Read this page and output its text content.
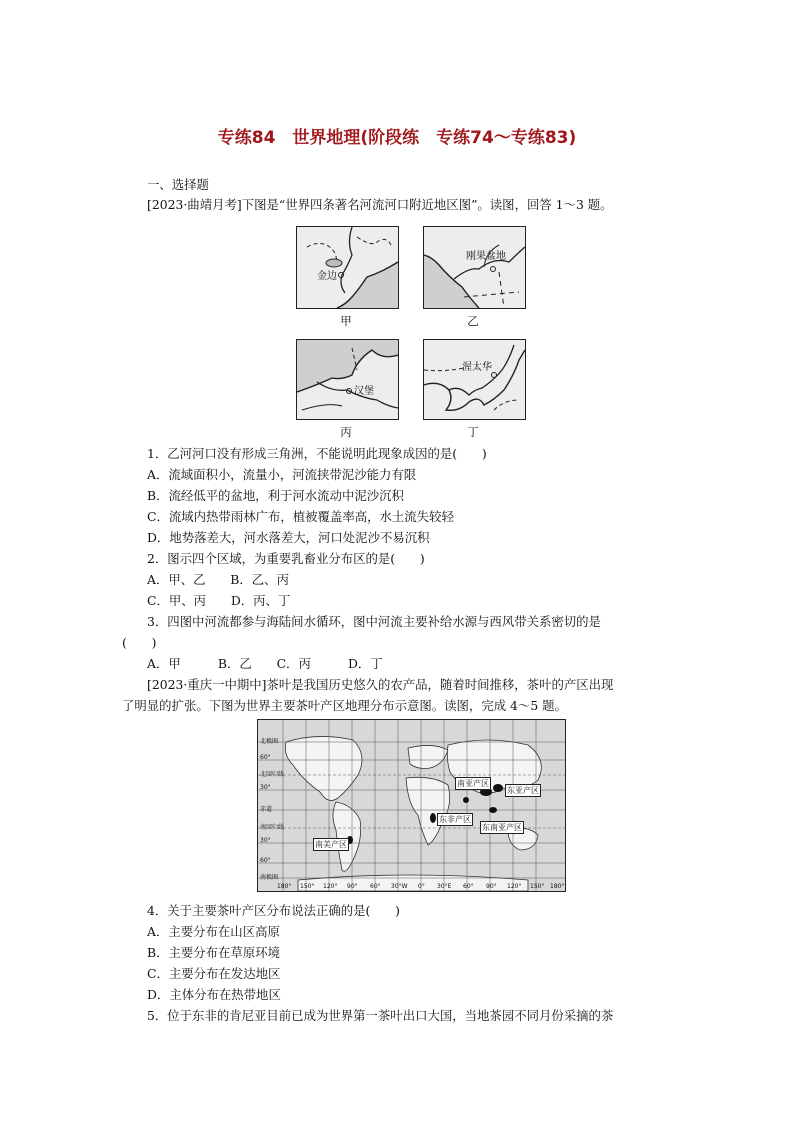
专练84　世界地理(阶段练　专练74～专练83)
一、选择题
[2023·曲靖月考]下图是“世界四条著名河流河口附近地区图”。读图，回答 1～3 题。
金边
甲
刚果盆地
乙
汉堡
丙
渥太华
丁
1．乙河河口没有形成三角洲，不能说明此现象成因的是(　　)
A．流域面积小，流量小，河流挟带泥沙能力有限
B．流经低平的盆地，利于河水流动中泥沙沉积
C．流域内热带雨林广布，植被覆盖率高，水土流失较轻
D．地势落差大，河水落差大，河口处泥沙不易沉积
2．图示四个区域，为重要乳畜业分布区的是(　　)
A．甲、乙　　B．乙、丙
C．甲、丙　　D．丙、丁
3．四图中河流都参与海陆间水循环，图中河流主要补给水源与西风带关系密切的是
(　　)
A．甲　　　B．乙　　C．丙　　　D．丁
[2023·重庆一中期中]茶叶是我国历史悠久的农产品，随着时间推移，茶叶的产区出现
了明显的扩张。下图为世界主要茶叶产区地理分布示意图。读图，完成 4～5 题。
南亚产区
东亚产区
东非产区
东南亚产区
南美产区
北极圈
60°
北回归线
30°
赤道
南回归线
30°
60°
南极圈
180° 150° 120° 90° 60° 30°W 0° 30°E 60° 90° 120° 150° 180°
4．关于主要茶叶产区分布说法正确的是(　　)
A．主要分布在山区高原
B．主要分布在草原环境
C．主要分布在发达地区
D．主体分布在热带地区
5．位于东非的肯尼亚目前已成为世界第一茶叶出口大国，当地茶园不同月份采摘的茶
